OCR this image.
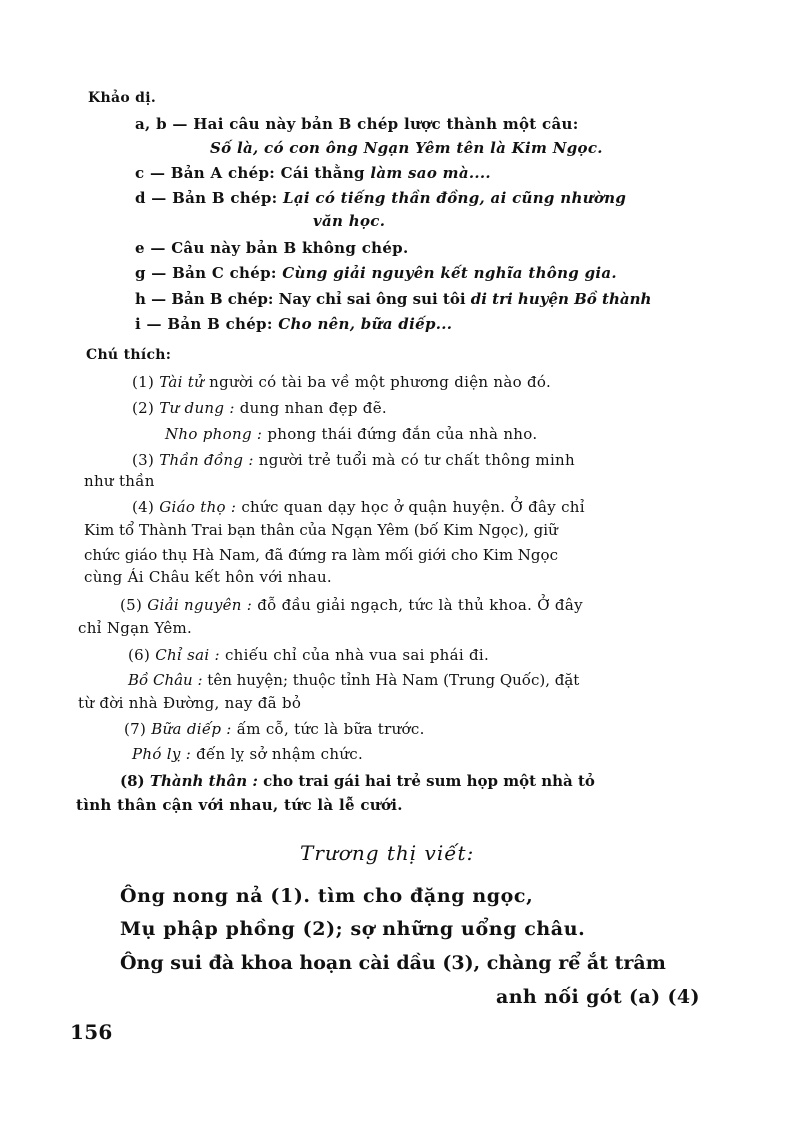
Khảo dị.
a, b — Hai câu này bản B chép lược thành một câu:
Số là, có con ông Ngạn Yêm tên là Kim Ngọc.
c — Bản A chép: Cái thằng làm sao mà....
d — Bản B chép: Lại có tiếng thần đồng, ai cũng nhường
văn học.
e — Câu này bản B không chép.
g — Bản C chép: Cùng giải nguyên kết nghĩa thông gia.
h — Bản B chép: Nay chỉ sai ông sui tôi di tri huyện Bồ thành
i — Bản B chép: Cho nên, bữa diếp...
Chú thích:
(1) Tài tử người có tài ba về một phương diện nào đó.
(2) Tư dung : dung nhan đẹp đẽ.
Nho phong : phong thái đứng đắn của nhà nho.
(3) Thần đồng : người trẻ tuổi mà có tư chất thông minh
như thần
(4) Giáo thọ : chức quan dạy học ở quận huyện. Ở đây chỉ
Kim tổ Thành Trai bạn thân của Ngạn Yêm (bố Kim Ngọc), giữ
chức giáo thụ Hà Nam, đã đứng ra làm mối giới cho Kim Ngọc
cùng Ái Châu kết hôn với nhau.
(5) Giải nguyên : đỗ đầu giải ngạch, tức là thủ khoa. Ở đây
chỉ Ngạn Yêm.
(6) Chỉ sai : chiếu chỉ của nhà vua sai phái đi.
Bồ Châu : tên huyện; thuộc tỉnh Hà Nam (Trung Quốc), đặt
từ đời nhà Đường, nay đã bỏ
(7) Bữa diếp : ấm cỗ, tức là bữa trước.
Phó lỵ : đến lỵ sở nhậm chức.
(8) Thành thân : cho trai gái hai trẻ sum họp một nhà tỏ
tình thân cận với nhau, tức là lễ cưới.
Trương thị viết:
Ông nong nả (1). tìm cho đặng ngọc,
Mụ phập phồng (2); sợ những uổng châu.
Ông sui đà khoa hoạn cài dầu (3), chàng rể ắt trâm
anh nối gót (a) (4)
156
